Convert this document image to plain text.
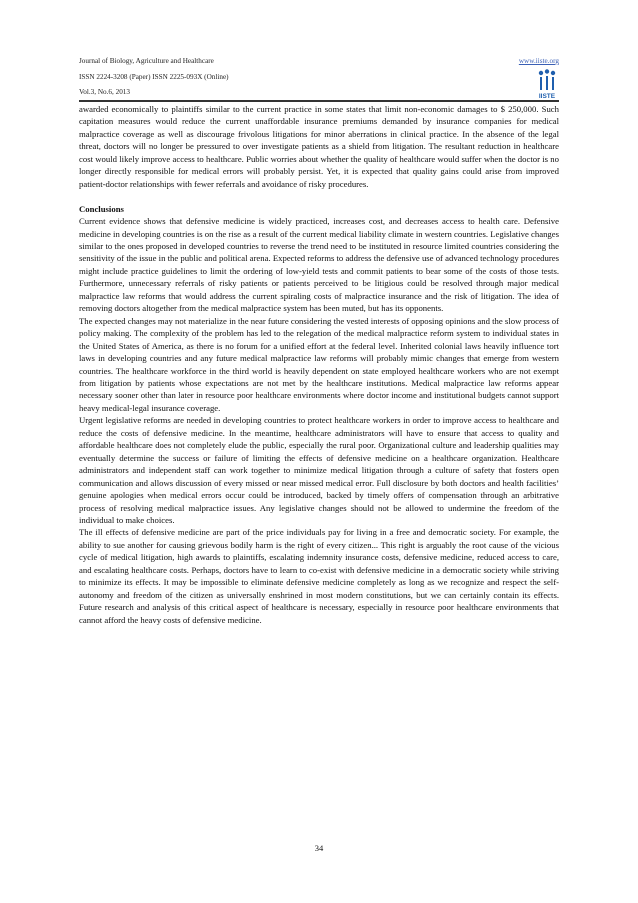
Journal of Biology, Agriculture and Healthcare
ISSN 2224-3208 (Paper) ISSN 2225-093X (Online)
Vol.3, No.6, 2013
www.iiste.org
IISTE

awarded economically to plaintiffs similar to the current practice in some states that limit non-economic damages to $ 250,000. Such capitation measures would reduce the current unaffordable insurance premiums demanded by insurance companies for medical malpractice coverage as well as discourage frivolous litigations for minor aberrations in clinical practice. In the absence of the legal threat, doctors will no longer be pressured to over investigate patients as a shield from litigation. The resultant reduction in healthcare cost would likely improve access to healthcare. Public worries about whether the quality of healthcare would suffer when the doctor is no longer directly responsible for medical errors will probably persist. Yet, it is expected that quality gains could arise from improved patient-doctor relationships with fewer referrals and avoidance of risky procedures.

Conclusions

Current evidence shows that defensive medicine is widely practiced, increases cost, and decreases access to health care. Defensive medicine in developing countries is on the rise as a result of the current medical liability climate in western countries. Legislative changes similar to the ones proposed in developed countries to reverse the trend need to be instituted in resource limited countries considering the sensitivity of the issue in the public and political arena. Expected reforms to address the defensive use of advanced technology procedures might include practice guidelines to limit the ordering of low-yield tests and commit patients to bear some of the costs of those tests. Furthermore, unnecessary referrals of risky patients or patients perceived to be litigious could be resolved through major medical malpractice law reforms that would address the current spiraling costs of malpractice insurance and the risk of litigation. The idea of removing doctors altogether from the medical malpractice system has been muted, but has its opponents.

The expected changes may not materialize in the near future considering the vested interests of opposing opinions and the slow process of policy making. The complexity of the problem has led to the relegation of the medical malpractice reform system to individual states in the United States of America, as there is no forum for a unified effort at the federal level. Inherited colonial laws heavily influence tort laws in developing countries and any future medical malpractice law reforms will probably mimic changes that emerge from western countries. The healthcare workforce in the third world is heavily dependent on state employed healthcare workers who are not exempt from litigation by patients whose expectations are not met by the healthcare institutions. Medical malpractice law reforms appear necessary sooner other than later in resource poor healthcare environments where doctor income and institutional budgets cannot support heavy medical-legal insurance coverage.

Urgent legislative reforms are needed in developing countries to protect healthcare workers in order to improve access to healthcare and reduce the costs of defensive medicine. In the meantime, healthcare administrators will have to ensure that access to quality and affordable healthcare does not completely elude the public, especially the rural poor. Organizational culture and leadership qualities may eventually determine the success or failure of limiting the effects of defensive medicine on a healthcare organization. Healthcare administrators and independent staff can work together to minimize medical litigation through a culture of safety that fosters open communication and allows discussion of every missed or near missed medical error. Full disclosure by both doctors and health facilities’ genuine apologies when medical errors occur could be introduced, backed by timely offers of compensation through an arbitrative process of resolving medical malpractice issues. Any legislative changes should not be allowed to undermine the freedom of the individual to make choices.

The ill effects of defensive medicine are part of the price individuals pay for living in a free and democratic society. For example, the ability to sue another for causing grievous bodily harm is the right of every citizen... This right is arguably the root cause of the vicious cycle of medical litigation, high awards to plaintiffs, escalating indemnity insurance costs, defensive medicine, reduced access to care, and escalating healthcare costs. Perhaps, doctors have to learn to co-exist with defensive medicine in a democratic society while striving to minimize its effects. It may be impossible to eliminate defensive medicine completely as long as we recognize and respect the self-autonomy and freedom of the citizen as universally enshrined in most modern constitutions, but we can certainly contain its effects. Future research and analysis of this critical aspect of healthcare is necessary, especially in resource poor healthcare environments that cannot afford the heavy costs of defensive medicine.

34
